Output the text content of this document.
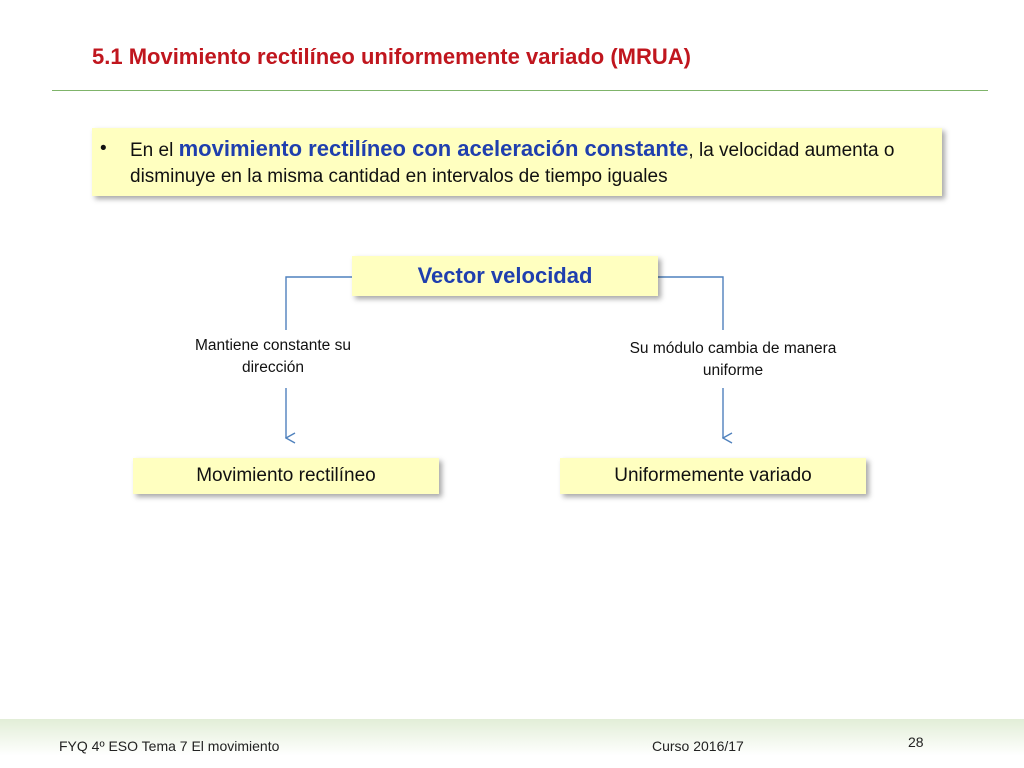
5.1 Movimiento rectilíneo uniformemente variado (MRUA)
• En el movimiento rectilíneo con aceleración constante, la velocidad aumenta o disminuye en la misma cantidad en intervalos de tiempo iguales
Vector velocidad
Mantiene constante su dirección
Su módulo cambia de manera uniforme
Movimiento rectilíneo	Uniformemente variado
FYQ 4º ESO Tema 7 El movimiento	Curso 2016/17	28
